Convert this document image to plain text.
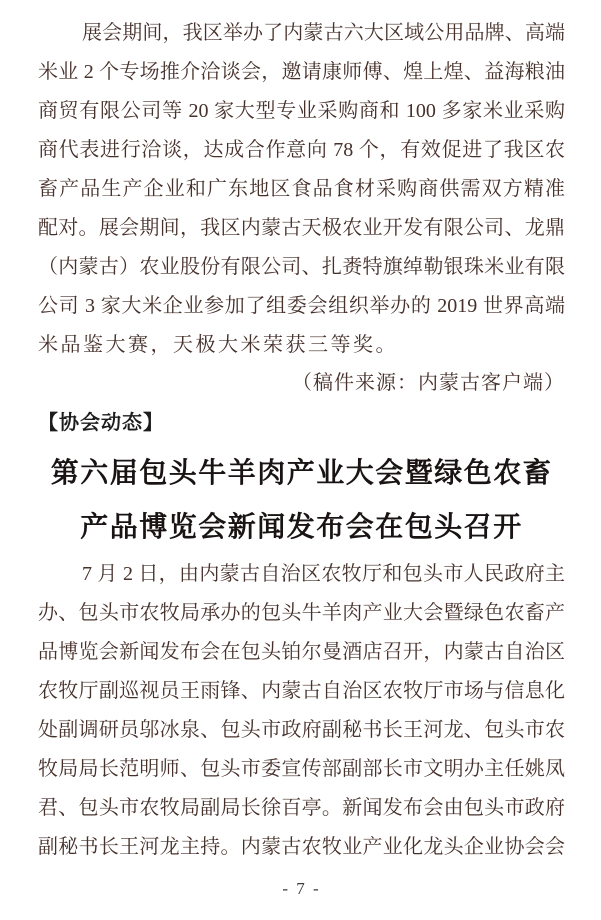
展会期间，我区举办了内蒙古六大区域公用品牌、高端
米业 2 个专场推介洽谈会，邀请康师傅、煌上煌、益海粮油
商贸有限公司等 20 家大型专业采购商和 100 多家米业采购
商代表进行洽谈，达成合作意向 78 个，有效促进了我区农
畜产品生产企业和广东地区食品食材采购商供需双方精准
配对。展会期间，我区内蒙古天极农业开发有限公司、龙鼎
（内蒙古）农业股份有限公司、扎赉特旗绰勒银珠米业有限
公司 3 家大米企业参加了组委会组织举办的 2019 世界高端
米品鉴大赛，天极大米荣获三等奖。
（稿件来源：内蒙古客户端）
【协会动态】
第六届包头牛羊肉产业大会暨绿色农畜
产品博览会新闻发布会在包头召开
7 月 2 日，由内蒙古自治区农牧厅和包头市人民政府主
办、包头市农牧局承办的包头牛羊肉产业大会暨绿色农畜产
品博览会新闻发布会在包头铂尔曼酒店召开，内蒙古自治区
农牧厅副巡视员王雨锋、内蒙古自治区农牧厅市场与信息化
处副调研员邬冰泉、包头市政府副秘书长王河龙、包头市农
牧局局长范明师、包头市委宣传部副部长市文明办主任姚凤
君、包头市农牧局副局长徐百亭。新闻发布会由包头市政府
副秘书长王河龙主持。内蒙古农牧业产业化龙头企业协会会
- 7 -
